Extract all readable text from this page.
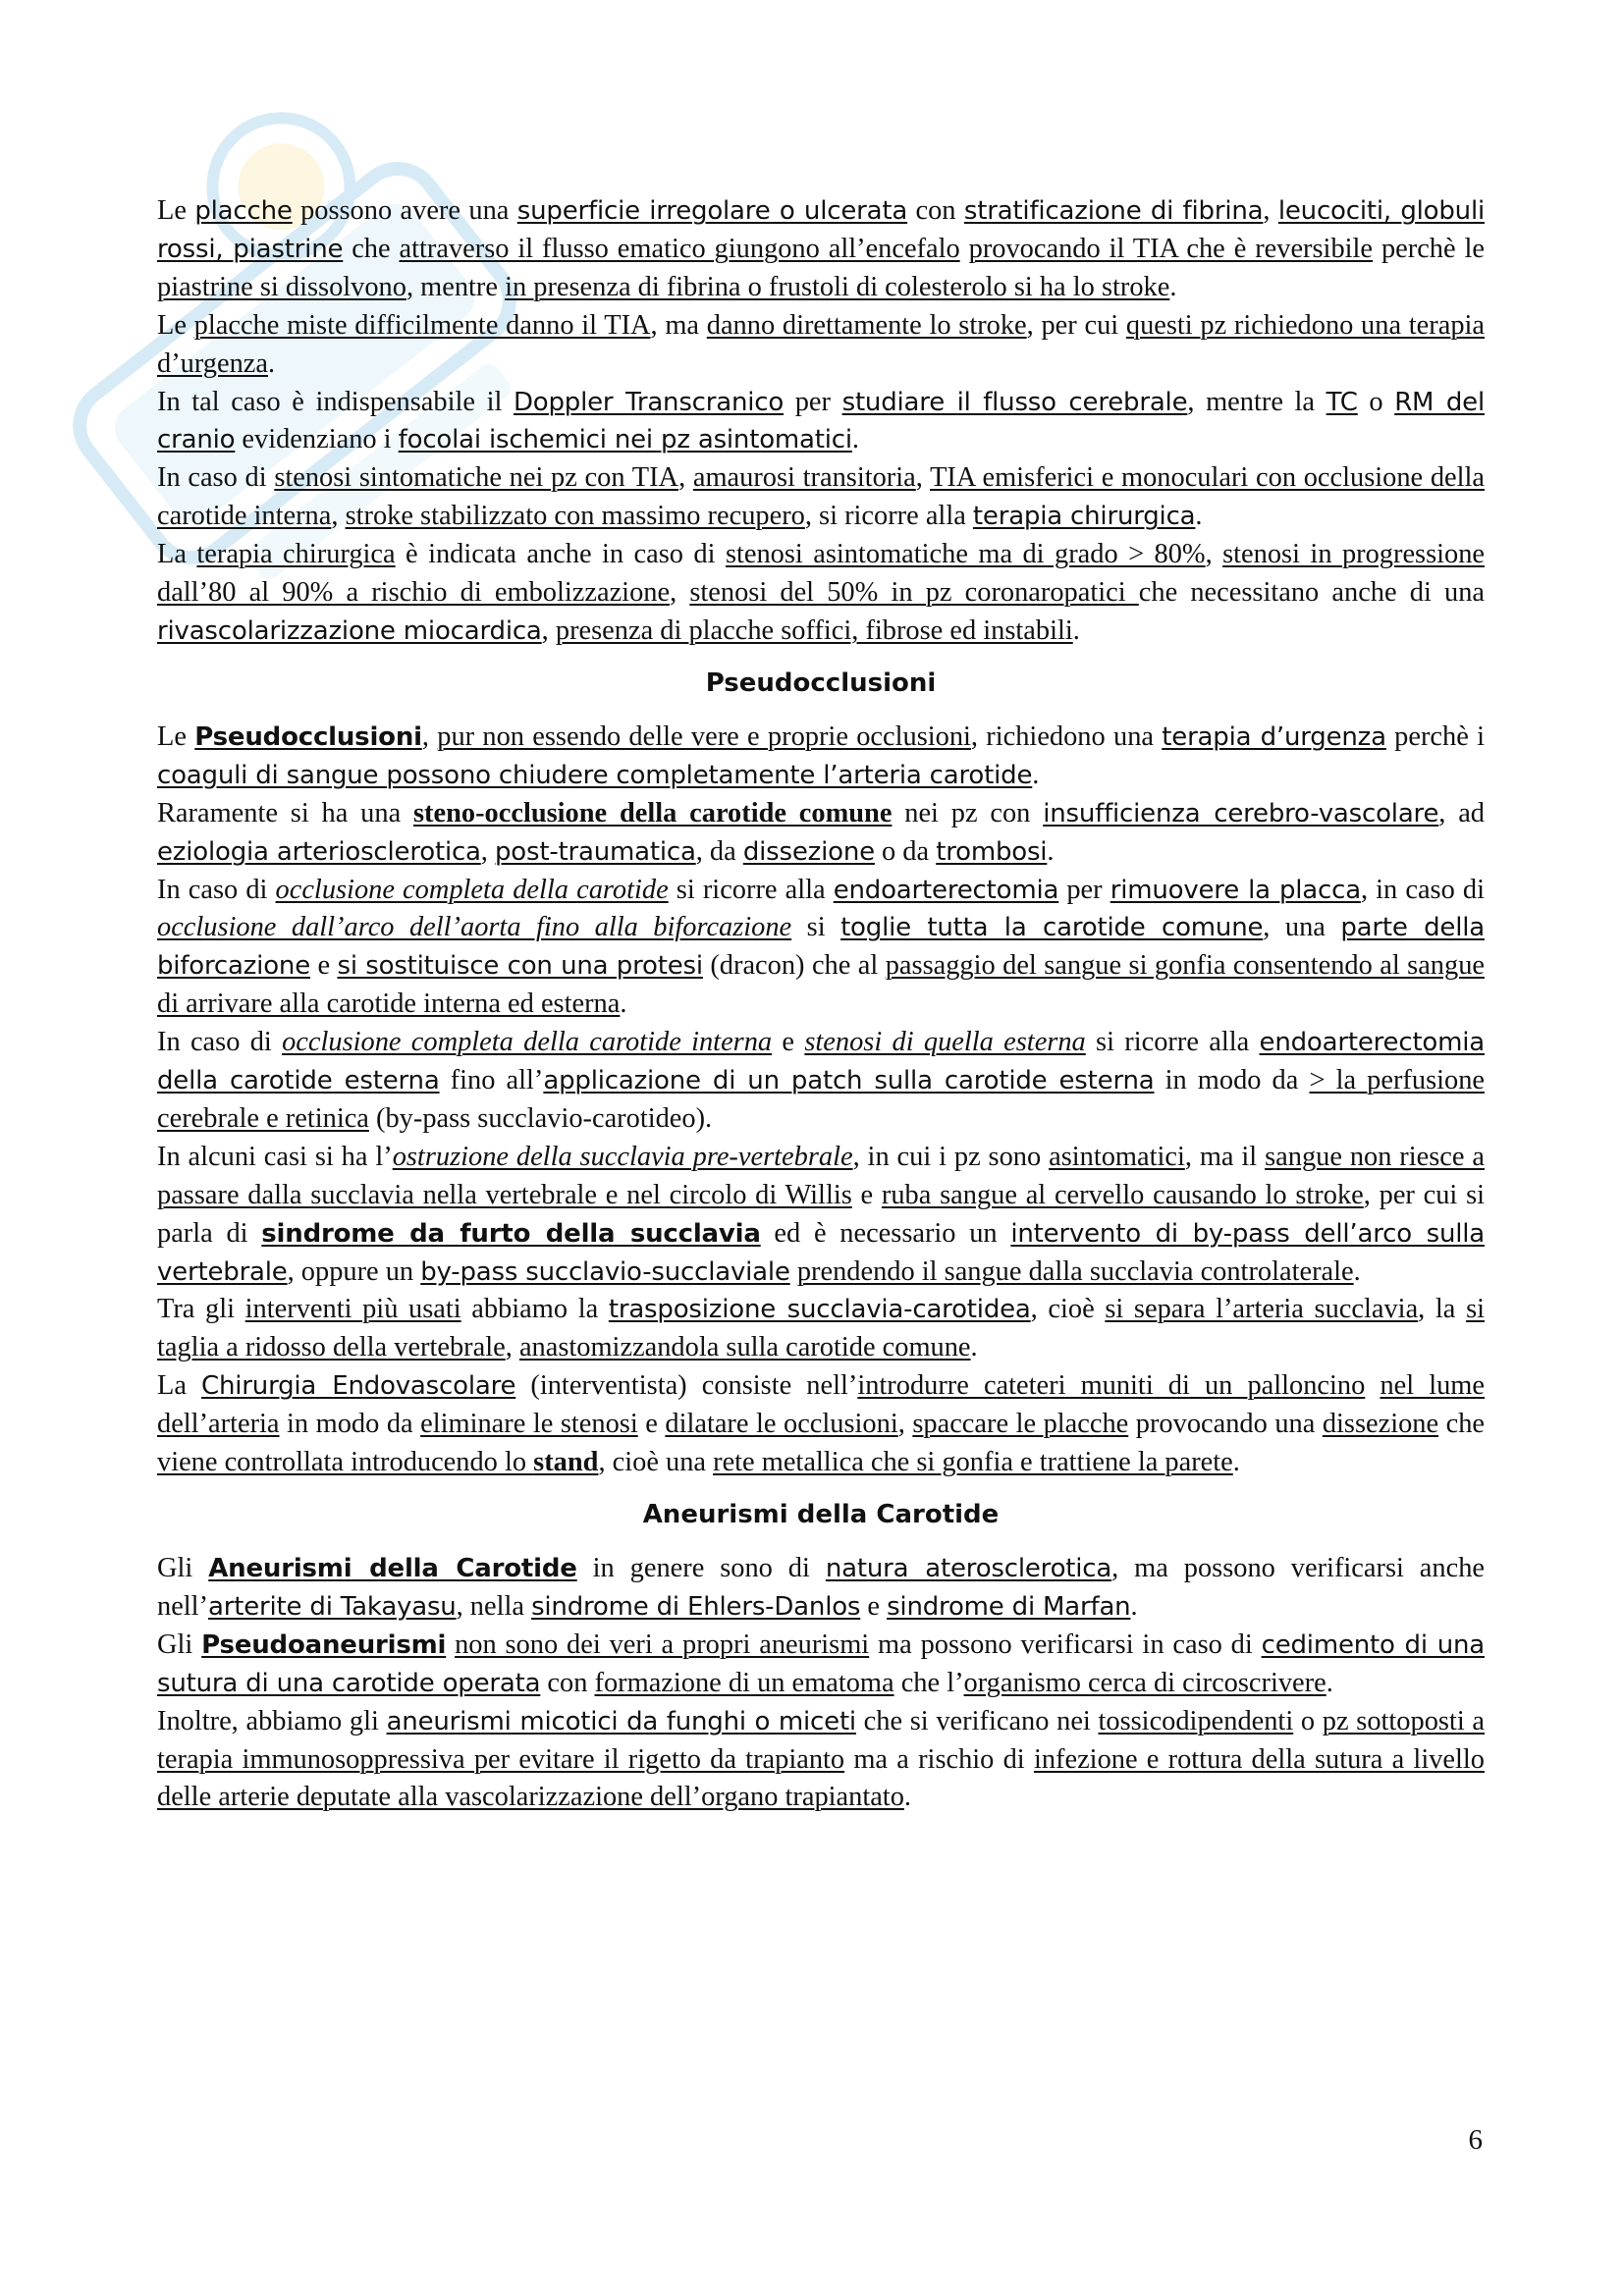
Le placche possono avere una superficie irregolare o ulcerata con stratificazione di fibrina, leucociti, globuli rossi, piastrine che attraverso il flusso ematico giungono all’encefalo provocando il TIA che è reversibile perchè le piastrine si dissolvono, mentre in presenza di fibrina o frustoli di colesterolo si ha lo stroke.

Le placche miste difficilmente danno il TIA, ma danno direttamente lo stroke, per cui questi pz richiedono una terapia d’urgenza.

In tal caso è indispensabile il Doppler Transcranico per studiare il flusso cerebrale, mentre la TC o RM del cranio evidenziano i focolai ischemici nei pz asintomatici.

In caso di stenosi sintomatiche nei pz con TIA, amaurosi transitoria, TIA emisferici e monoculari con occlusione della carotide interna, stroke stabilizzato con massimo recupero, si ricorre alla terapia chirurgica.

La terapia chirurgica è indicata anche in caso di stenosi asintomatiche ma di grado > 80%, stenosi in progressione dall’80 al 90% a rischio di embolizzazione, stenosi del 50% in pz coronaropatici che necessitano anche di una rivascolarizzazione miocardica, presenza di placche soffici, fibrose ed instabili.

Pseudocclusioni

Le Pseudocclusioni, pur non essendo delle vere e proprie occlusioni, richiedono una terapia d’urgenza perchè i coaguli di sangue possono chiudere completamente l’arteria carotide.

Raramente si ha una steno-occlusione della carotide comune nei pz con insufficienza cerebro-vascolare, ad eziologia arteriosclerotica, post-traumatica, da dissezione o da trombosi.

In caso di occlusione completa della carotide si ricorre alla endoarterectomia per rimuovere la placca, in caso di occlusione dall’arco dell’aorta fino alla biforcazione si toglie tutta la carotide comune, una parte della biforcazione e si sostituisce con una protesi (dracon) che al passaggio del sangue si gonfia consentendo al sangue di arrivare alla carotide interna ed esterna.

In caso di occlusione completa della carotide interna e stenosi di quella esterna si ricorre alla endoarterectomia della carotide esterna fino all’applicazione di un patch sulla carotide esterna in modo da > la perfusione cerebrale e retinica (by-pass succlavio-carotideo).

In alcuni casi si ha l’ostruzione della succlavia pre-vertebrale, in cui i pz sono asintomatici, ma il sangue non riesce a passare dalla succlavia nella vertebrale e nel circolo di Willis e ruba sangue al cervello causando lo stroke, per cui si parla di sindrome da furto della succlavia ed è necessario un intervento di by-pass dell’arco sulla vertebrale, oppure un by-pass succlavio-succlaviale prendendo il sangue dalla succlavia controlaterale.

Tra gli interventi più usati abbiamo la trasposizione succlavia-carotidea, cioè si separa l’arteria succlavia, la si taglia a ridosso della vertebrale, anastomizzandola sulla carotide comune.

La Chirurgia Endovascolare (interventista) consiste nell’introdurre cateteri muniti di un palloncino nel lume dell’arteria in modo da eliminare le stenosi e dilatare le occlusioni, spaccare le placche provocando una dissezione che viene controllata introducendo lo stand, cioè una rete metallica che si gonfia e trattiene la parete.

Aneurismi della Carotide

Gli Aneurismi della Carotide in genere sono di natura aterosclerotica, ma possono verificarsi anche nell’arterite di Takayasu, nella sindrome di Ehlers-Danlos e sindrome di Marfan.

Gli Pseudoaneurismi non sono dei veri a propri aneurismi ma possono verificarsi in caso di cedimento di una sutura di una carotide operata con formazione di un ematoma che l’organismo cerca di circoscrivere.

Inoltre, abbiamo gli aneurismi micotici da funghi o miceti che si verificano nei tossicodipendenti o pz sottoposti a terapia immunosoppressiva per evitare il rigetto da trapianto ma a rischio di infezione e rottura della sutura a livello delle arterie deputate alla vascolarizzazione dell’organo trapiantato.

6
